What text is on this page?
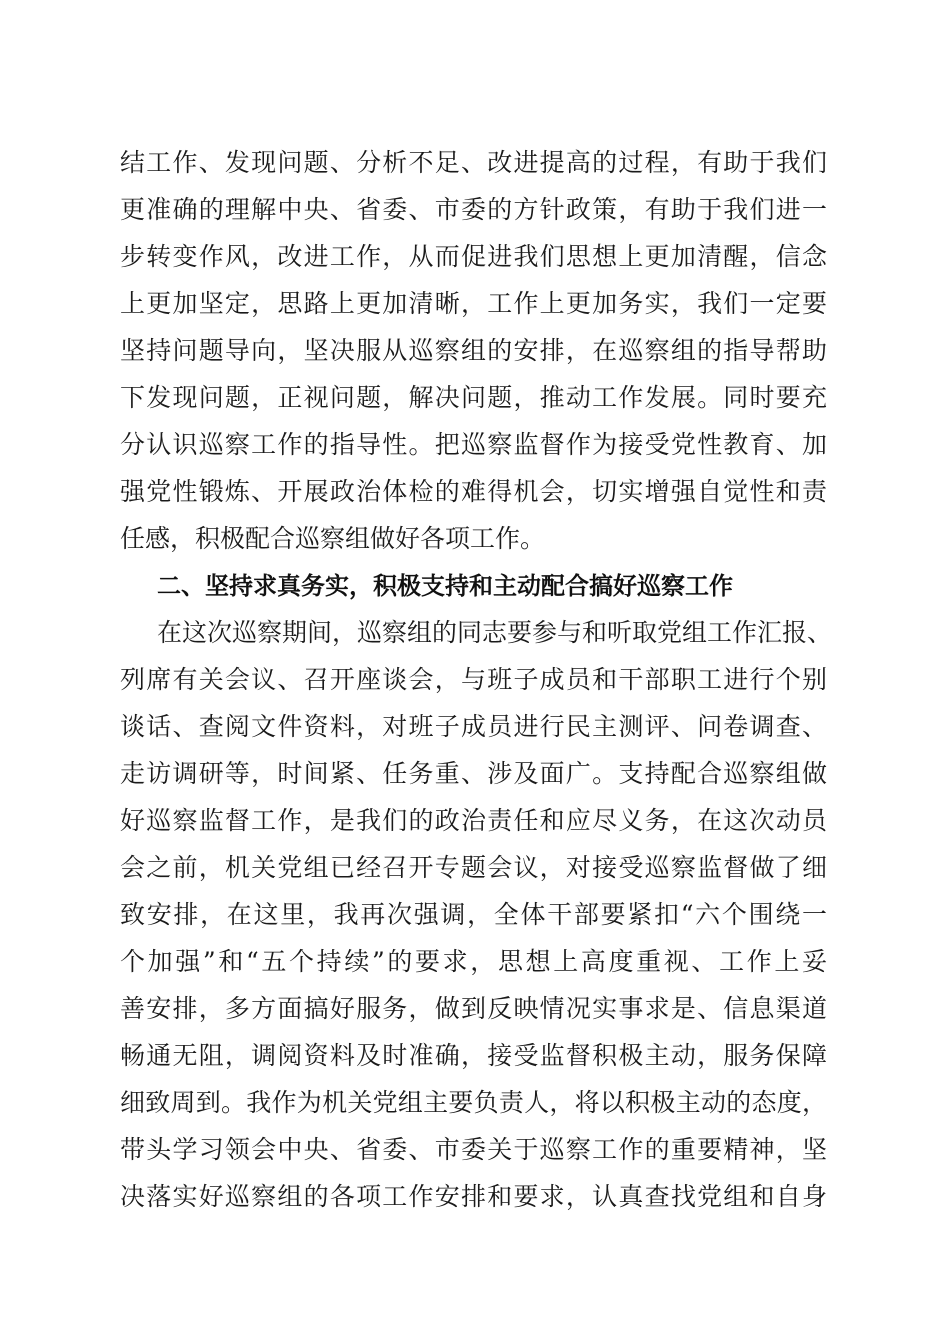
结工作、发现问题、分析不足、改进提高的过程，有助于我们
更准确的理解中央、省委、市委的方针政策，有助于我们进一
步转变作风，改进工作，从而促进我们思想上更加清醒，信念
上更加坚定，思路上更加清晰，工作上更加务实，我们一定要
坚持问题导向，坚决服从巡察组的安排，在巡察组的指导帮助
下发现问题，正视问题，解决问题，推动工作发展。同时要充
分认识巡察工作的指导性。把巡察监督作为接受党性教育、加
强党性锻炼、开展政治体检的难得机会，切实增强自觉性和责
任感，积极配合巡察组做好各项工作。
二、坚持求真务实，积极支持和主动配合搞好巡察工作
在这次巡察期间，巡察组的同志要参与和听取党组工作汇报、
列席有关会议、召开座谈会，与班子成员和干部职工进行个别
谈话、查阅文件资料，对班子成员进行民主测评、问卷调查、
走访调研等，时间紧、任务重、涉及面广。支持配合巡察组做
好巡察监督工作，是我们的政治责任和应尽义务，在这次动员
会之前，机关党组已经召开专题会议，对接受巡察监督做了细
致安排，在这里，我再次强调，全体干部要紧扣“六个围绕一
个加强”和“五个持续”的要求，思想上高度重视、工作上妥
善安排，多方面搞好服务，做到反映情况实事求是、信息渠道
畅通无阻，调阅资料及时准确，接受监督积极主动，服务保障
细致周到。我作为机关党组主要负责人，将以积极主动的态度，
带头学习领会中央、省委、市委关于巡察工作的重要精神，坚
决落实好巡察组的各项工作安排和要求，认真查找党组和自身
